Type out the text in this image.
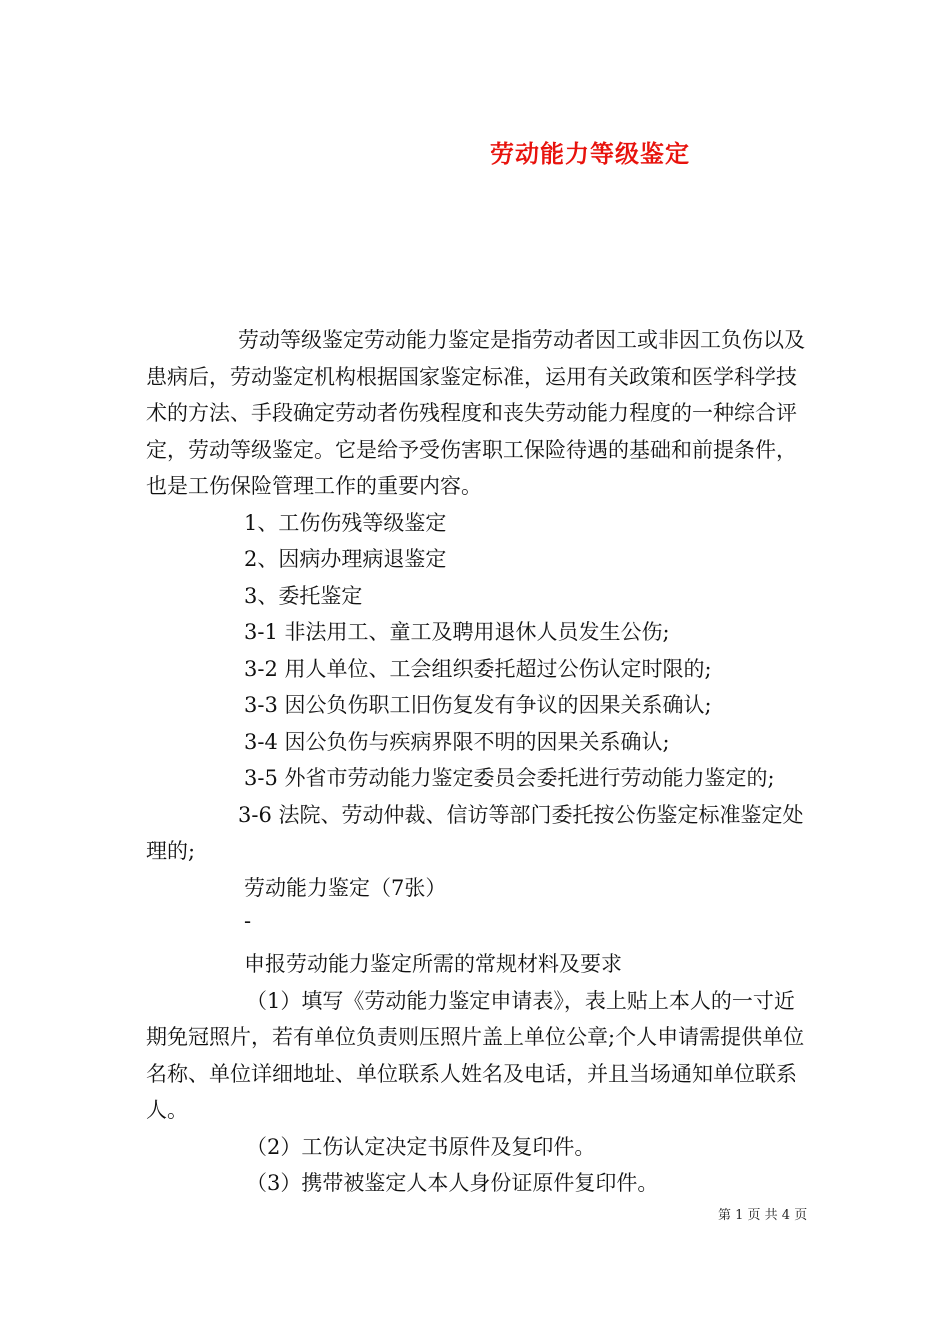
劳动能力等级鉴定

劳动等级鉴定劳动能力鉴定是指劳动者因工或非因工负伤以及患病后，劳动鉴定机构根据国家鉴定标准，运用有关政策和医学科学技术的方法、手段确定劳动者伤残程度和丧失劳动能力程度的一种综合评定，劳动等级鉴定。它是给予受伤害职工保险待遇的基础和前提条件，也是工伤保险管理工作的重要内容。

1、工伤伤残等级鉴定

2、因病办理病退鉴定

3、委托鉴定

3-1 非法用工、童工及聘用退休人员发生公伤;

3-2 用人单位、工会组织委托超过公伤认定时限的;

3-3 因公负伤职工旧伤复发有争议的因果关系确认;

3-4 因公负伤与疾病界限不明的因果关系确认;

3-5 外省市劳动能力鉴定委员会委托进行劳动能力鉴定的;

3-6 法院、劳动仲裁、信访等部门委托按公伤鉴定标准鉴定处理的;

劳动能力鉴定（7张）

-

申报劳动能力鉴定所需的常规材料及要求

（1）填写《劳动能力鉴定申请表》，表上贴上本人的一寸近期免冠照片，若有单位负责则压照片盖上单位公章;个人申请需提供单位名称、单位详细地址、单位联系人姓名及电话，并且当场通知单位联系人。

（2）工伤认定决定书原件及复印件。

（3）携带被鉴定人本人身份证原件复印件。

第 1 页 共 4 页
